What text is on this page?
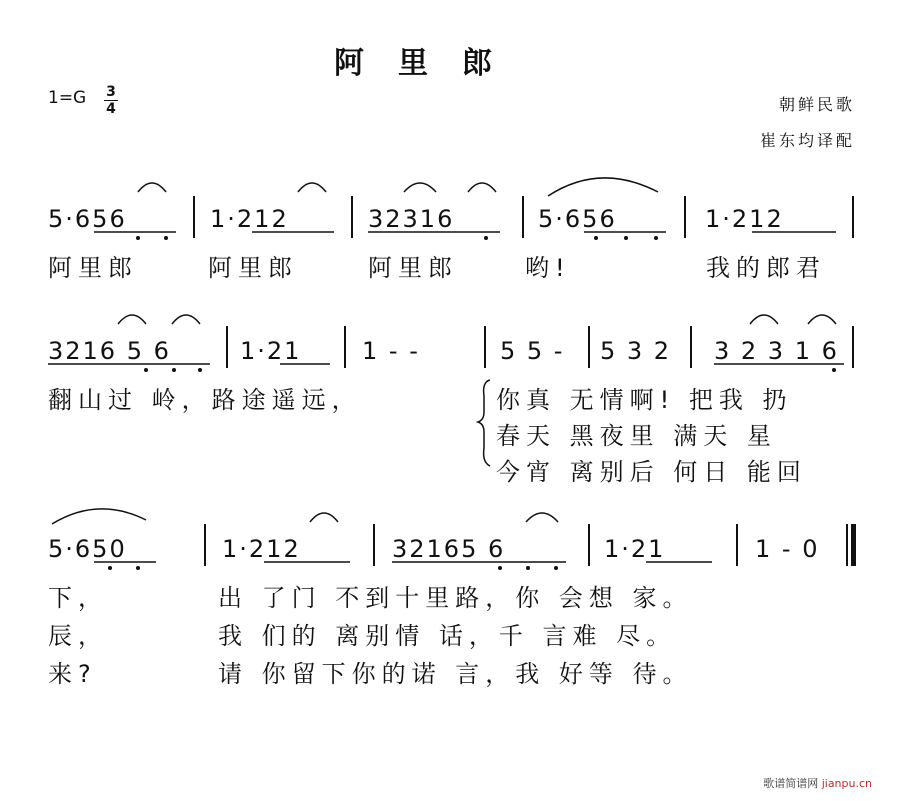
阿里郎
1=G 3
4	朝鲜民歌
崔东均译配
5·656	1·212	32316	5·656	1·212
阿里郎	阿里郎	阿里郎	哟!	我的郎君
3216 5 6	1·21	1 - -	5 5 - 5 3 2 3 2 3 1 6
翻山过 岭，路途遥远，	你真 无情啊! 把我 扔
春天 黑夜里 满天 星
今宵 离别后 何日 能回
5·650	1·212	32165 6	1·21	1 - 0
下，	出 了门 不到十里路，你 会想 家。
辰，	我 们的 离别情 话，千 言难 尽。
来?	请 你留下你的诺 言，我 好等 待。
歌谱简谱网 jianpu.cn
